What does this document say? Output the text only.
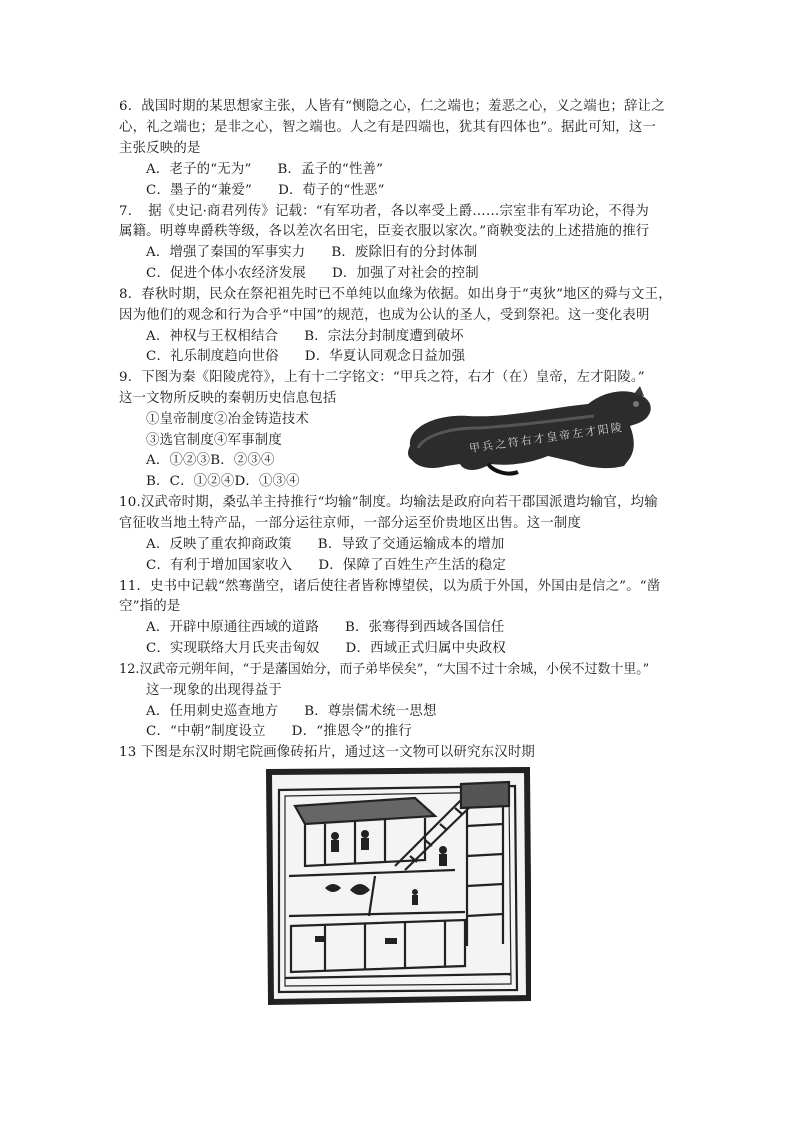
6．战国时期的某思想家主张，人皆有“恻隐之心，仁之端也；羞恶之心，义之端也；辞让之
心，礼之端也；是非之心，智之端也。人之有是四端也，犹其有四体也”。据此可知，这一
主张反映的是
A．老子的“无为” B．孟子的“性善”
C．墨子的“兼爱” D．荀子的“性恶”
7．　据《史记·商君列传》记载：“有军功者，各以率受上爵……宗室非有军功论，不得为
属籍。明尊卑爵秩等级，各以差次名田宅，臣妾衣服以家次。”商鞅变法的上述措施的推行
A．增强了秦国的军事实力 B．废除旧有的分封体制
C．促进个体小农经济发展 D．加强了对社会的控制
8．春秋时期，民众在祭祀祖先时已不单纯以血缘为依据。如出身于“夷狄”地区的舜与文王，
因为他们的观念和行为合乎“中国”的规范，也成为公认的圣人，受到祭祀。这一变化表明
A．神权与王权相结合 B．宗法分封制度遭到破坏
C．礼乐制度趋向世俗 D．华夏认同观念日益加强
9．下图为秦《阳陵虎符》，上有十二字铭文：“甲兵之符，右才（在）皇帝，左才阳陵。”
这一文物所反映的秦朝历史信息包括
①皇帝制度②冶金铸造技术
③选官制度④军事制度
A．①②③B．②③④
B．C．①②④D．①③④
甲兵之符右才皇帝左才阳陵
10.汉武帝时期，桑弘羊主持推行“均输”制度。均输法是政府向若干郡国派遣均输官，均输
官征收当地土特产品，一部分运往京师，一部分运至价贵地区出售。这一制度
A．反映了重农抑商政策 B．导致了交通运输成本的增加
C．有利于增加国家收入 D．保障了百姓生产生活的稳定
11．史书中记载“然骞凿空，诸后使往者皆称博望侯，以为质于外国，外国由是信之”。“凿
空”指的是
A．开辟中原通往西域的道路 B．张骞得到西域各国信任
C．实现联络大月氏夹击匈奴 D．西域正式归属中央政权
12.汉武帝元朔年间，“于是藩国始分，而子弟毕侯矣”，“大国不过十余城，小侯不过数十里。”
这一现象的出现得益于
A．任用刺史巡查地方 B．尊崇儒术统一思想
C．“中朝”制度设立 D．“推恩令”的推行
13 下图是东汉时期宅院画像砖拓片，通过这一文物可以研究东汉时期
